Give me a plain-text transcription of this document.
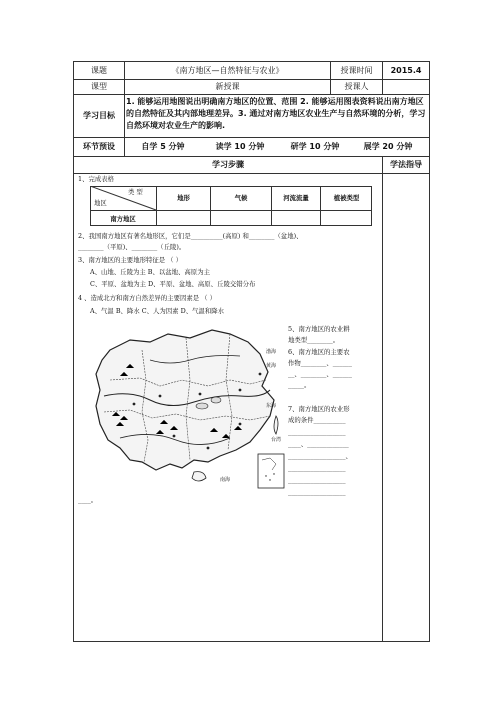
课题	《南方地区—自然特征与农业》	授课时间	2015.4
课型	新授课	授课人
学习目标
1. 能够运用地图说出明确南方地区的位置、范围 2. 能够运用图表资料说出南方地区的自然特征及其内部地理差异。3. 通过对南方地区农业生产与自然环境的分析，学习自然环境对农业生产的影响.
环节预设	自学 5 分钟	读学 10 分钟	研学 10 分钟	展学 20 分钟
学习步骤	学法指导
1、完成表格
类 型
地区
地形	气候	河流流量	植被类型
南方地区
2、我国南方地区有著名地形区，它们是__________(高原) 和________（盆地)、
________（平原)、________（丘陵)。
3、南方地区的主要地形特征是 （ ）
A、山地、丘陵为主 B、以盆地、高原为主
C、平原、盆地为主 D、平原、盆地、高原、丘陵交错分布
4 、造成北方和南方自然差异的主要因素是 （ ）
A、气温 B、降水 C、人为因素 D、气温和降水
渤海
黄海
东海
台湾
南海
5、南方地区的农业耕
地类型________。
6、南方地区的主要农
作物________、______
__、________、______
_____。
7、南方地区的农业形
成的条件__________
__________________
____、_____________
__________________、
__________________
__________________
__________________
____。
